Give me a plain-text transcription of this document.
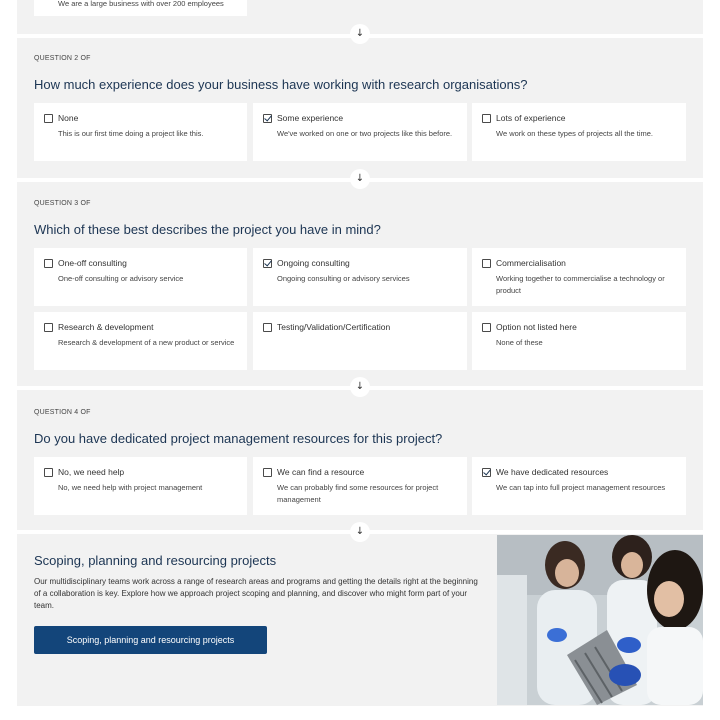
We are a large business with over 200 employees
↓
↓
↓
↓
QUESTION 2 OF
How much experience does your business have working with research organisations?
None
This is our first time doing a project like this.
Some experience
We've worked on one or two projects like this before.
Lots of experience
We work on these types of projects all the time.
QUESTION 3 OF
Which of these best describes the project you have in mind?
One-off consulting
One-off consulting or advisory service
Ongoing consulting
Ongoing consulting or advisory services
Commercialisation
Working together to commercialise a technology or product
Research & development
Research & development of a new product or service
Testing/Validation/Certification	Option not listed here
None of these
QUESTION 4 OF
Do you have dedicated project management resources for this project?
No, we need help
No, we need help with project management
We can find a resource
We can probably find some resources for project management
We have dedicated resources
We can tap into full project management resources
Scoping, planning and resourcing projects
Our multidisciplinary teams work across a range of research areas and programs and getting the details right at the beginning of a collaboration is key. Explore how we approach project scoping and planning, and discover who might form part of your team.
Scoping, planning and resourcing projects
